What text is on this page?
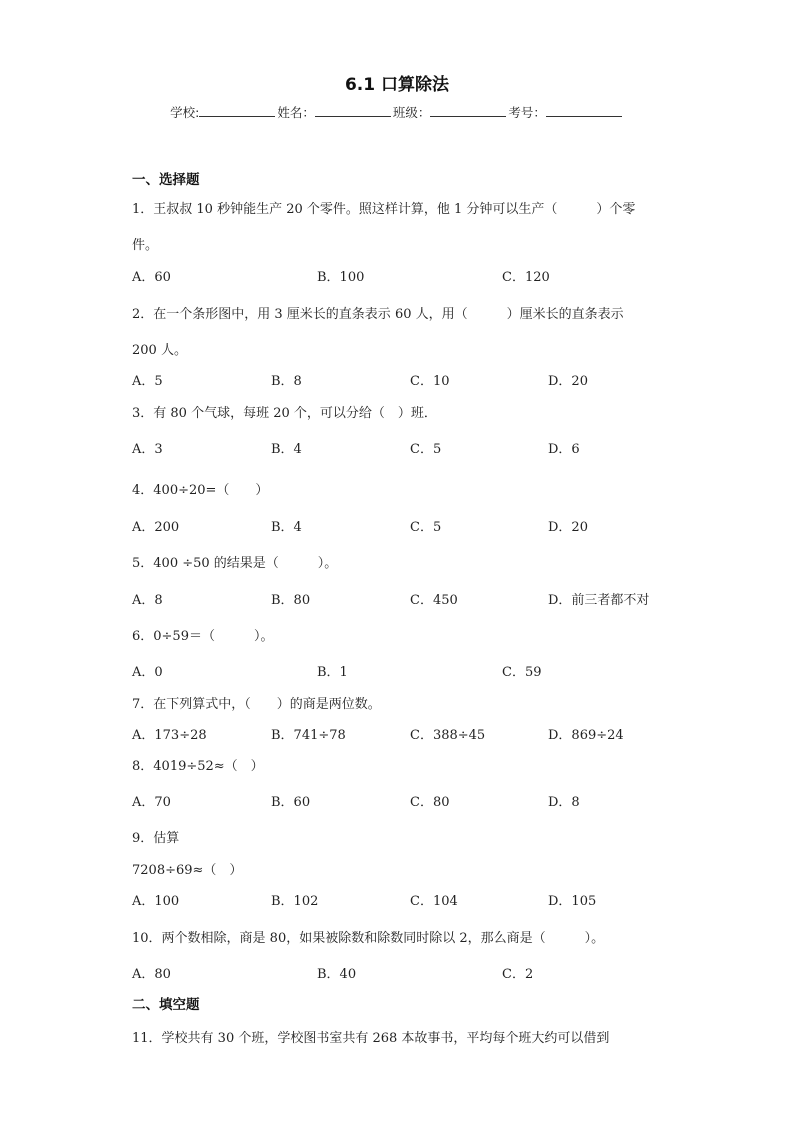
6.1 口算除法
学校:	姓名：	班级：	考号：
一、选择题
1．王叔叔 10 秒钟能生产 20 个零件。照这样计算，他 1 分钟可以生产（　　　）个零
件。
A．60	B．100	C．120
2．在一个条形图中，用 3 厘米长的直条表示 60 人，用（　　　）厘米长的直条表示
200 人。
A．5	B．8	C．10	D．20
3．有 80 个气球，每班 20 个，可以分给（　）班．
A．3	B．4	C．5	D．6
4．400÷20=（　　）
A．200	B．4	C．5	D．20
5．400 ÷50 的结果是（　　　）。
A．8	B．80	C．450	D．前三者都不对
6．0÷59＝（　　　）。
A．0	B．1	C．59
7．在下列算式中，（　　）的商是两位数。
A．173÷28	B．741÷78	C．388÷45	D．869÷24
8．4019÷52≈（　）
A．70	B．60	C．80	D．8
9．估算
7208÷69≈（　）
A．100	B．102	C．104	D．105
10．两个数相除，商是 80，如果被除数和除数同时除以 2，那么商是（　　　）。
A．80	B．40	C．2
二、填空题
11．学校共有 30 个班，学校图书室共有 268 本故事书，平均每个班大约可以借到
